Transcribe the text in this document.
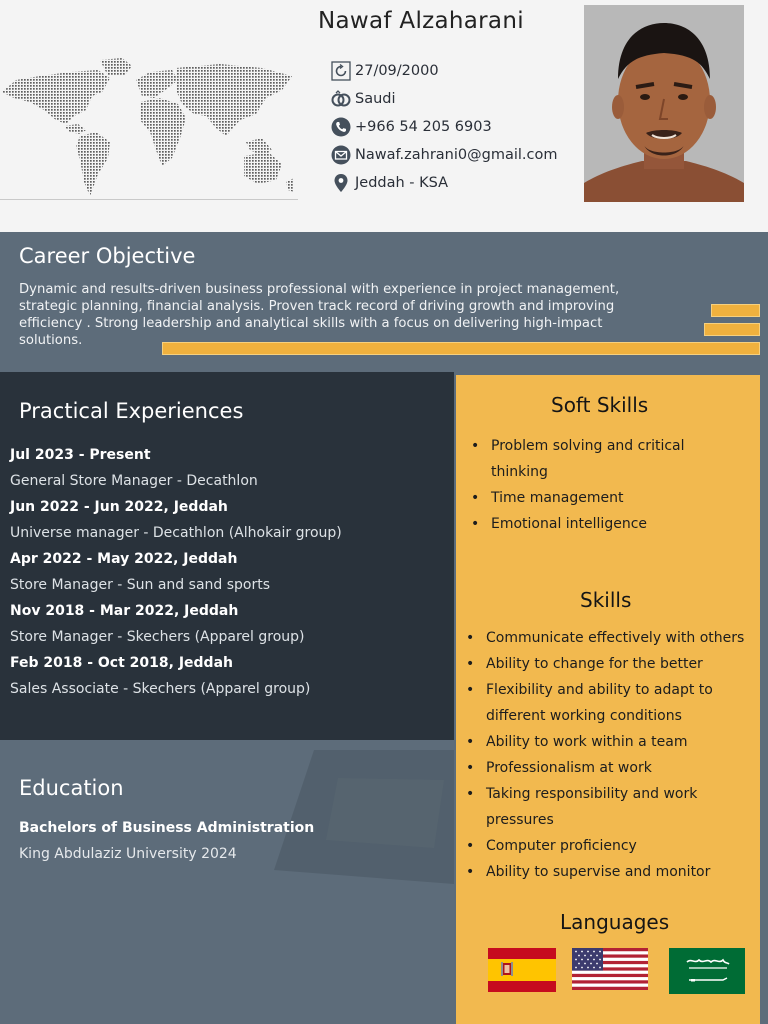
Nawaf Alzaharani
27/09/2000
Saudi
+966 54 205 6903
Nawaf.zahrani0@gmail.com
Jeddah - KSA
Career Objective

Dynamic and results-driven business professional with experience in project management, strategic planning, financial analysis. Proven track record of driving growth and improving efficiency . Strong leadership and analytical skills with a focus on delivering high-impact solutions.

Practical Experiences
Jul 2023 - Present
General Store Manager - Decathlon
Jun 2022 - Jun 2022, Jeddah
Universe manager - Decathlon (Alhokair group)
Apr 2022 - May 2022, Jeddah
Store Manager - Sun and sand sports
Nov 2018 - Mar 2022, Jeddah
Store Manager - Skechers (Apparel group)
Feb 2018 - Oct 2018, Jeddah
Sales Associate - Skechers (Apparel group)
Education
Bachelors of Business Administration
King Abdulaziz University 2024
Soft Skills
• Problem solving and critical thinking
• Time management
• Emotional intelligence
Skills
• Communicate effectively with others
• Ability to change for the better
• Flexibility and ability to adapt to different working conditions
• Ability to work within a team
• Professionalism at work
• Taking responsibility and work pressures
• Computer proficiency
• Ability to supervise and monitor
Languages
